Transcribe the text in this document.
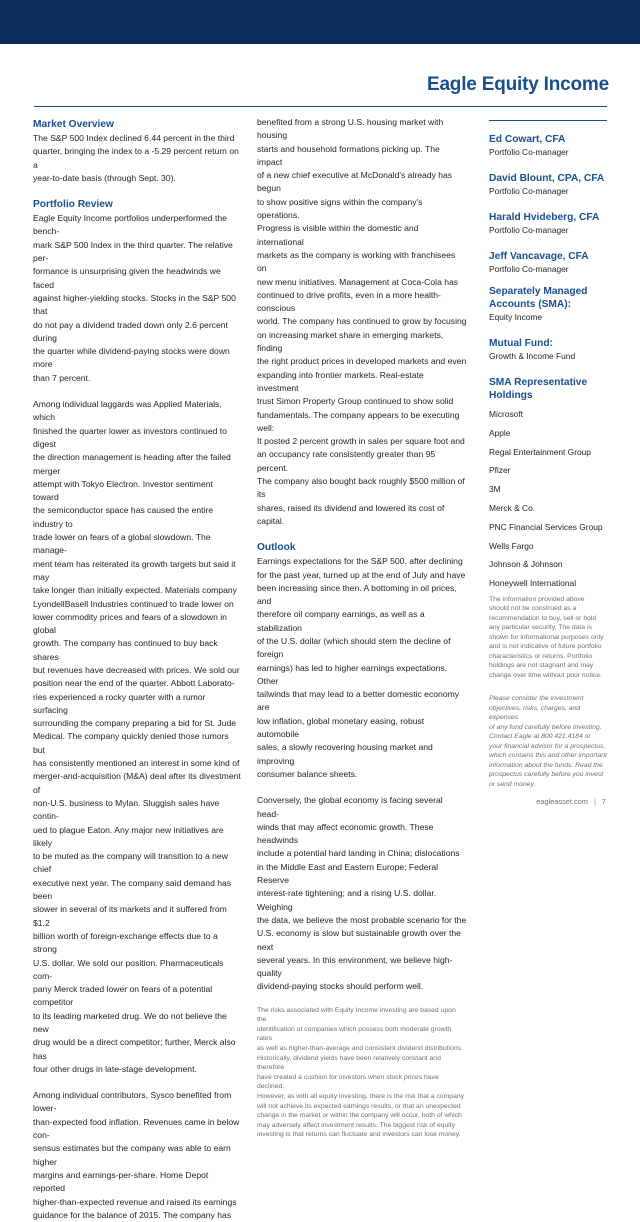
Eagle Equity Income
Market Overview
The S&P 500 Index declined 6.44 percent in the third
quarter, bringing the index to a -5.29 percent return on a
year-to-date basis (through Sept. 30).
Portfolio Review
Eagle Equity Income portfolios underperformed the bench-
mark S&P 500 Index in the third quarter. The relative per-
formance is unsurprising given the headwinds we faced
against higher-yielding stocks. Stocks in the S&P 500 that
do not pay a dividend traded down only 2.6 percent during
the quarter while dividend-paying stocks were down more
than 7 percent.
Among individual laggards was Applied Materials, which
finished the quarter lower as investors continued to digest
the direction management is heading after the failed merger
attempt with Tokyo Electron. Investor sentiment toward
the semiconductor space has caused the entire industry to
trade lower on fears of a global slowdown. The manage-
ment team has reiterated its growth targets but said it may
take longer than initially expected. Materials company
LyondellBasell Industries continued to trade lower on
lower commodity prices and fears of a slowdown in global
growth. The company has continued to buy back shares
but revenues have decreased with prices. We sold our
position near the end of the quarter. Abbott Laborato-
ries experienced a rocky quarter with a rumor surfacing
surrounding the company preparing a bid for St. Jude
Medical. The company quickly denied those rumors but
has consistently mentioned an interest in some kind of
merger-and-acquisition (M&A) deal after its divestment of
non-U.S. business to Mylan. Sluggish sales have contin-
ued to plague Eaton. Any major new initiatives are likely
to be muted as the company will transition to a new chief
executive next year. The company said demand has been
slower in several of its markets and it suffered from $1.2
billion worth of foreign-exchange effects due to a strong
U.S. dollar. We sold our position. Pharmaceuticals com-
pany Merck traded lower on fears of a potential competitor
to its leading marketed drug. We do not believe the new
drug would be a direct competitor; further, Merck also has
four other drugs in late-stage development.
Among individual contributors, Sysco benefited from lower-
than-expected food inflation. Revenues came in below con-
sensus estimates but the company was able to earn higher
margins and earnings-per-share. Home Depot reported
higher-than-expected revenue and raised its earnings
guidance for the balance of 2015. The company has
benefited from a strong U.S. housing market with housing
starts and household formations picking up. The impact
of a new chief executive at McDonald's already has begun
to show positive signs within the company's operations.
Progress is visible within the domestic and international
markets as the company is working with franchisees on
new menu initiatives. Management at Coca-Cola has
continued to drive profits, even in a more health-conscious
world. The company has continued to grow by focusing
on increasing market share in emerging markets, finding
the right product prices in developed markets and even
expanding into frontier markets. Real-estate investment
trust Simon Property Group continued to show solid
fundamentals. The company appears to be executing well:
It posted 2 percent growth in sales per square foot and
an occupancy rate consistently greater than 95 percent.
The company also bought back roughly $500 million of its
shares, raised its dividend and lowered its cost of capital.
Outlook
Earnings expectations for the S&P 500, after declining
for the past year, turned up at the end of July and have
been increasing since then. A bottoming in oil prices, and
therefore oil company earnings, as well as a stabilization
of the U.S. dollar (which should stem the decline of foreign
earnings) has led to higher earnings expectations. Other
tailwinds that may lead to a better domestic economy are
low inflation, global monetary easing, robust automobile
sales, a slowly recovering housing market and improving
consumer balance sheets.
Conversely, the global economy is facing several head-
winds that may affect economic growth. These headwinds
include a potential hard landing in China; dislocations
in the Middle East and Eastern Europe; Federal Reserve
interest-rate tightening; and a rising U.S. dollar. Weighing
the data, we believe the most probable scenario for the
U.S. economy is slow but sustainable growth over the next
several years. In this environment, we believe high-quality
dividend-paying stocks should perform well.
The risks associated with Equity Income investing are based upon the
identification of companies which possess both moderate growth rates
as well as higher-than-average and consistent dividend distributions.
Historically, dividend yields have been relatively constant and therefore
have created a cushion for investors when stock prices have declined.
However, as with all equity investing, there is the risk that a company
will not achieve its expected earnings results, or that an unexpected
change in the market or within the company will occur, both of which
may adversely affect investment results. The biggest risk of equity
investing is that returns can fluctuate and investors can lose money.
Ed Cowart, CFA
Portfolio Co-manager
David Blount, CPA, CFA
Portfolio Co-manager
Harald Hvideberg, CFA
Portfolio Co-manager
Jeff Vancavage, CFA
Portfolio Co-manager
Separately Managed
Accounts (SMA):
Equity Income
Mutual Fund:
Growth & Income Fund
SMA Representative
Holdings
Microsoft
Apple
Regal Entertainment Group
Pfizer
3M
Merck & Co.
PNC Financial Services Group
Wells Fargo
Johnson & Johnson
Honeywell International
The information provided above
should not be construed as a
recommendation to buy, sell or hold
any particular security. The data is
shown for informational purposes only
and is not indicative of future portfolio
characteristics or returns. Portfolio
holdings are not stagnant and may
change over time without prior notice.
Please consider the investment
objectives, risks, charges, and expenses
of any fund carefully before investing.
Contact Eagle at 800.421.4184 or
your financial advisor for a prospectus,
which contains this and other important
information about the funds. Read the
prospectus carefully before you invest
or send money.
eagleasset.com | 7
